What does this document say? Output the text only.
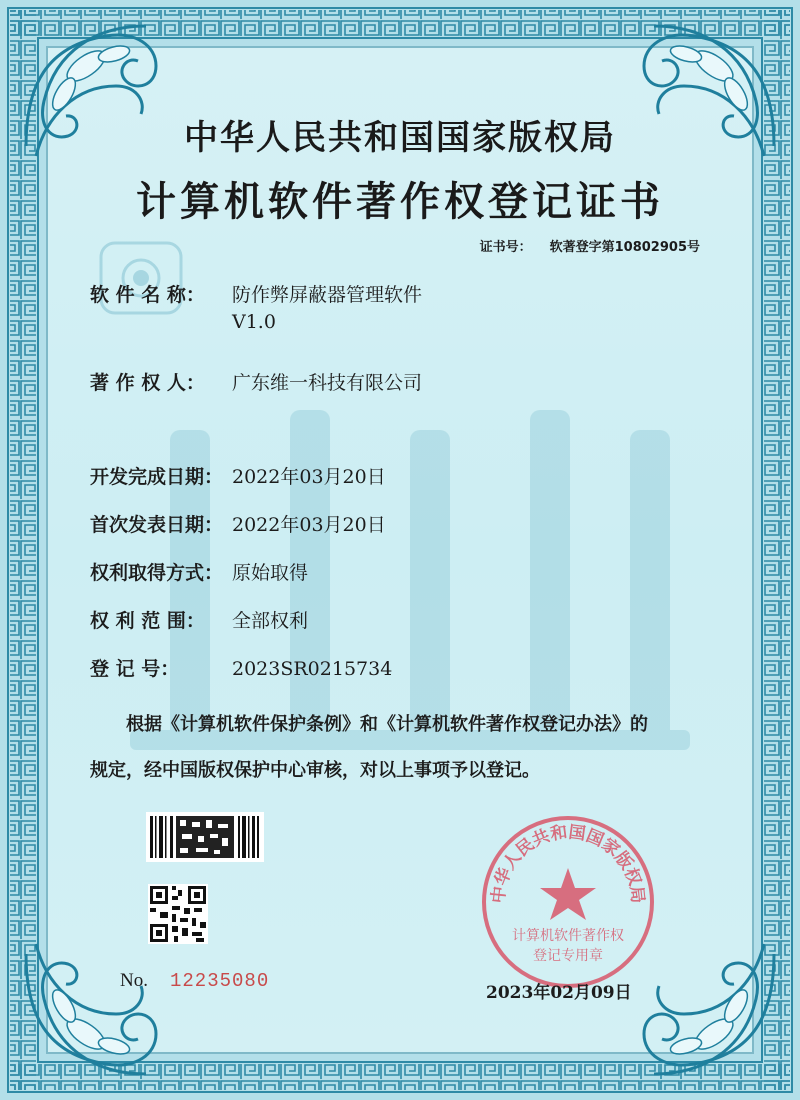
中华人民共和国国家版权局
计算机软件著作权登记证书
证书号： 软著登字第10802905号
软 件 名 称： 防作弊屏蔽器管理软件
V1.0
著 作 权 人： 广东维一科技有限公司
开发完成日期： 2022年03月20日
首次发表日期： 2022年03月20日
权利取得方式： 原始取得
权 利 范 围： 全部权利
登 记 号：	2023SR0215734
根据《计算机软件保护条例》和《计算机软件著作权登记办法》的
规定，经中国版权保护中心审核，对以上事项予以登记。
No. 12235080
中华人民共和国国家版权局
计算机软件著作权
登记专用章
2023年02月09日
